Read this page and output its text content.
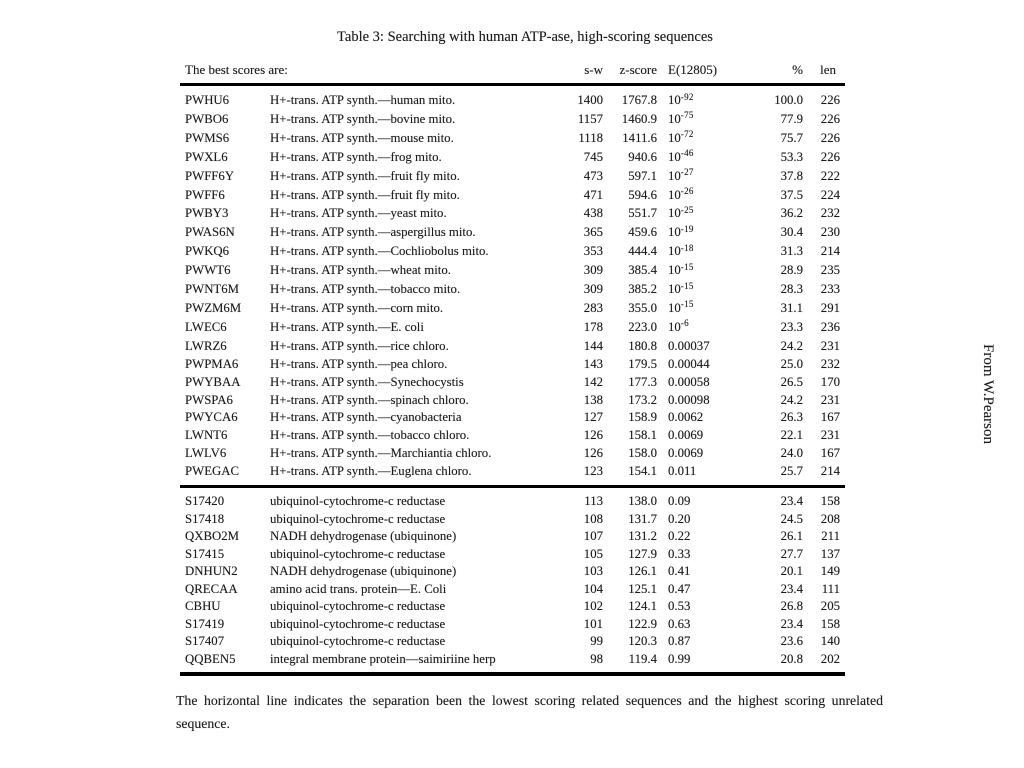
Table 3: Searching with human ATP-ase, high-scoring sequences
The best scores are:	s-w	z-score E(12805)	%	len
PWHU6	H+-trans. ATP synth.—human mito.	1400	1767.8 $10^{-92}$	100.0	226
PWBO6	H+-trans. ATP synth.—bovine mito.	1157	1460.9 $10^{-75}$	77.9	226
PWMS6	H+-trans. ATP synth.—mouse mito.	1118	1411.6 $10^{-72}$	75.7	226
PWXL6	H+-trans. ATP synth.—frog mito.	745	940.6 $10^{-46}$	53.3	226
PWFF6Y	H+-trans. ATP synth.—fruit fly mito.	473	597.1 $10^{-27}$	37.8	222
PWFF6	H+-trans. ATP synth.—fruit fly mito.	471	594.6 $10^{-26}$	37.5	224
PWBY3	H+-trans. ATP synth.—yeast mito.	438	551.7 $10^{-25}$	36.2	232
PWAS6N	H+-trans. ATP synth.—aspergillus mito.	365	459.6 $10^{-19}$	30.4	230
PWKQ6	H+-trans. ATP synth.—Cochliobolus mito.	353	444.4 $10^{-18}$	31.3	214
PWWT6	H+-trans. ATP synth.—wheat mito.	309	385.4 $10^{-15}$	28.9	235
PWNT6M	H+-trans. ATP synth.—tobacco mito.	309	385.2 $10^{-15}$	28.3	233
PWZM6M	H+-trans. ATP synth.—corn mito.	283	355.0 $10^{-15}$	31.1	291
LWEC6	H+-trans. ATP synth.—E. coli	178	223.0 $10^{-6}$	23.3	236
LWRZ6	H+-trans. ATP synth.—rice chloro.	144	180.8 0.00037	24.2	231
PWPMA6	H+-trans. ATP synth.—pea chloro.	143	179.5 0.00044	25.0	232
PWYBAA	H+-trans. ATP synth.—Synechocystis	142	177.3 0.00058	26.5	170
PWSPA6	H+-trans. ATP synth.—spinach chloro.	138	173.2 0.00098	24.2	231
PWYCA6	H+-trans. ATP synth.—cyanobacteria	127	158.9 0.0062	26.3	167
LWNT6	H+-trans. ATP synth.—tobacco chloro.	126	158.1 0.0069	22.1	231
LWLV6	H+-trans. ATP synth.—Marchiantia chloro.	126	158.0 0.0069	24.0	167
PWEGAC	H+-trans. ATP synth.—Euglena chloro.	123	154.1 0.011	25.7	214
S17420	ubiquinol-cytochrome-c reductase	113	138.0 0.09	23.4	158
S17418	ubiquinol-cytochrome-c reductase	108	131.7 0.20	24.5	208
QXBO2M	NADH dehydrogenase (ubiquinone)	107	131.2 0.22	26.1	211
S17415	ubiquinol-cytochrome-c reductase	105	127.9 0.33	27.7	137
DNHUN2	NADH dehydrogenase (ubiquinone)	103	126.1 0.41	20.1	149
QRECAA	amino acid trans. protein—E. Coli	104	125.1 0.47	23.4	111
CBHU	ubiquinol-cytochrome-c reductase	102	124.1 0.53	26.8	205
S17419	ubiquinol-cytochrome-c reductase	101	122.9 0.63	23.4	158
S17407	ubiquinol-cytochrome-c reductase	99	120.3 0.87	23.6	140
QQBEN5	integral membrane protein—saimiriine herp	98	119.4 0.99	20.8	202
The horizontal line indicates the separation been the lowest scoring related sequences and the highest scoring unrelated sequence.
From W.Pearson
